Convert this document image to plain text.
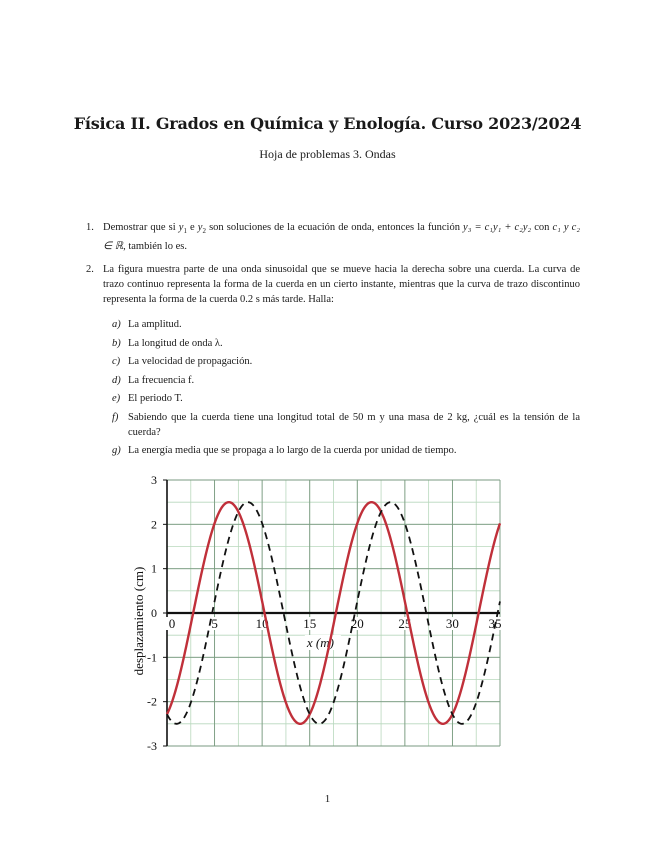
Física II. Grados en Química y Enología. Curso 2023/2024
Hoja de problemas 3. Ondas
1. Demostrar que si $y_1$ e $y_2$ son soluciones de la ecuación de onda, entonces la función y₃ = c₁y₁ + c₂y₂ con c₁ y c₂ ∈ ℝ, también lo es.
2. La figura muestra parte de una onda sinusoidal que se mueve hacia la derecha sobre una cuerda. La curva de trazo continuo representa la forma de la cuerda en un cierto instante, mientras que la curva de trazo discontinuo representa la forma de la cuerda 0.2 s más tarde. Halla:
a) La amplitud.
b) La longitud de onda λ.
c) La velocidad de propagación.
d) La frecuencia f.
e) El periodo T.
f) Sabiendo que la cuerda tiene una longitud total de 50 m y una masa de 2 kg, ¿cuál es la tensión de la cuerda?
g) La energía media que se propaga a lo largo de la cuerda por unidad de tiempo.
3
2
1
0
-1
-2
-3
0	5	10	15	20	25	30 35
x (m)
desplazamiento (cm)
1
